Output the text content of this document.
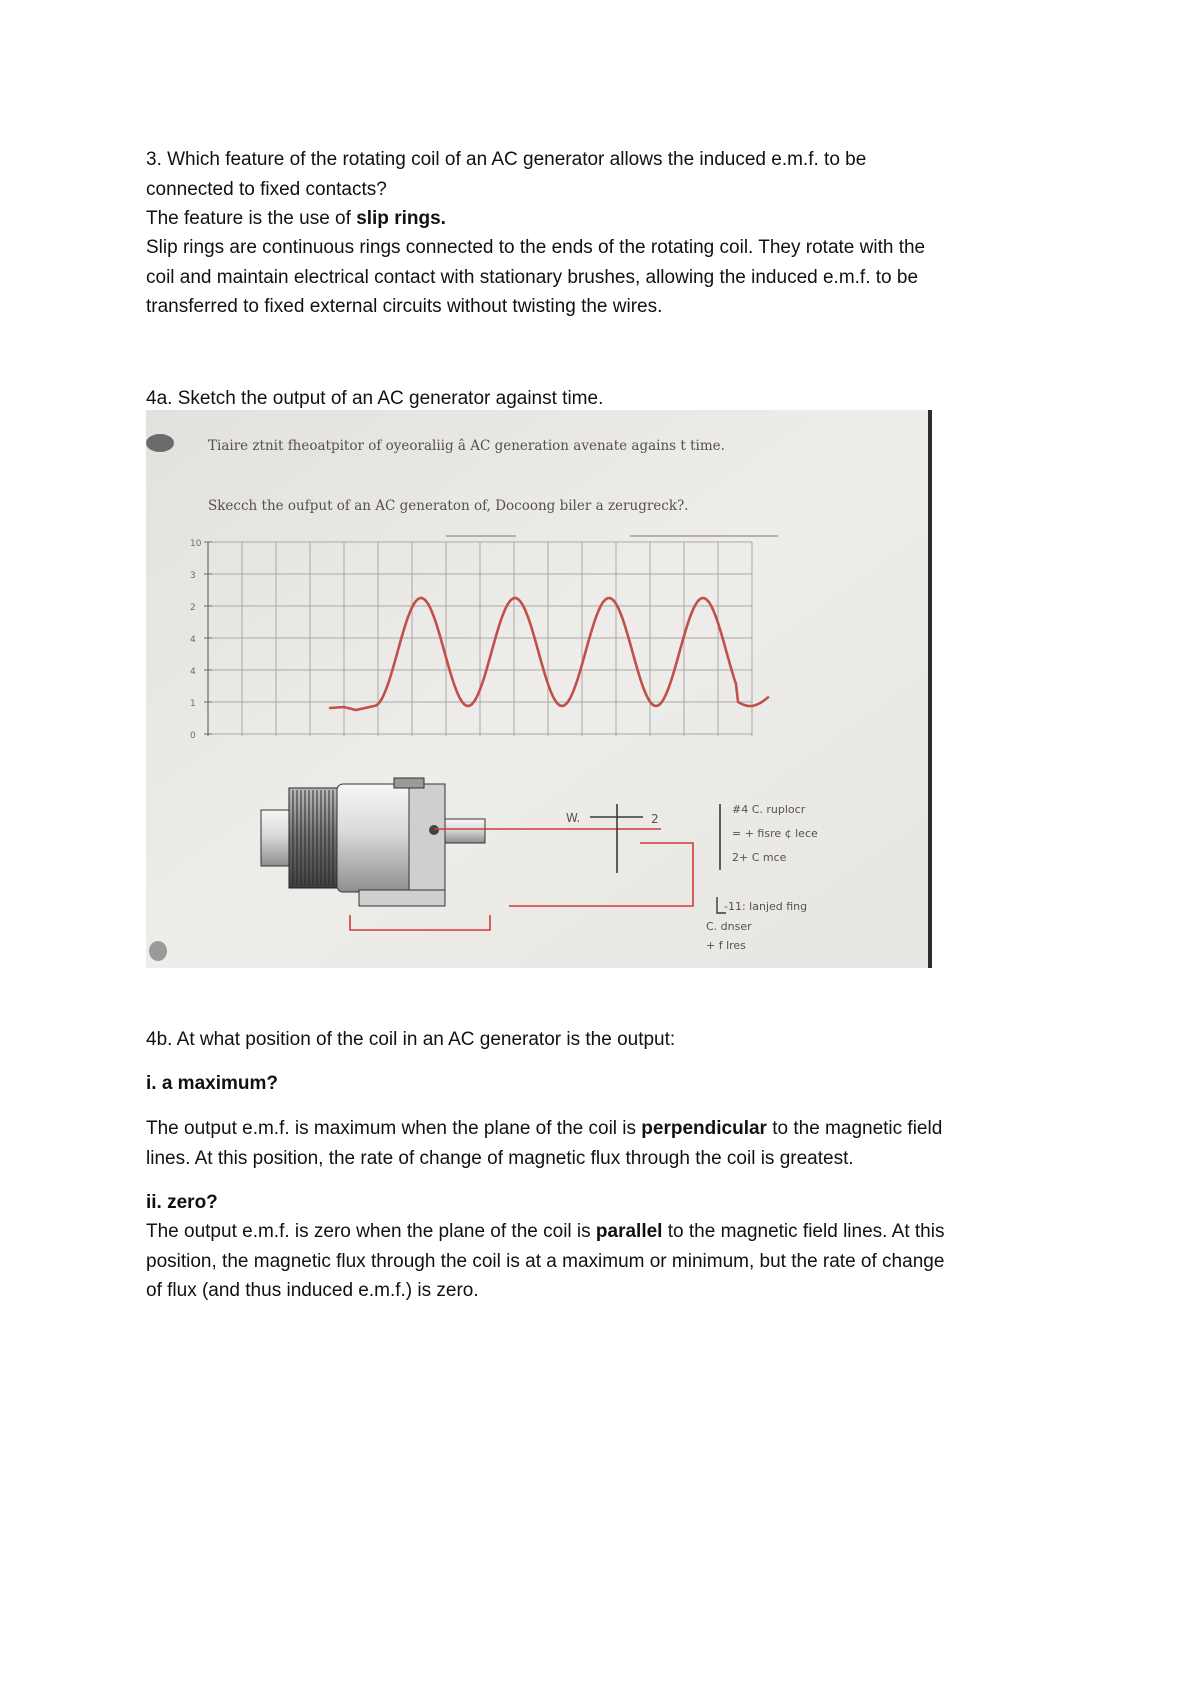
3. Which feature of the rotating coil of an AC generator allows the induced e.m.f. to be

connected to fixed contacts?

The feature is the use of slip rings.

Slip rings are continuous rings connected to the ends of the rotating coil. They rotate with the

coil and maintain electrical contact with stationary brushes, allowing the induced e.m.f. to be

transferred to fixed external circuits without twisting the wires.

4a. Sketch the output of an AC generator against time.

Tiaire ztnit fheoatpitor of oyeoraliig â AC generation avenate agains t time.
Skecch the oufput of an AC generaton of, Docoong biler a zerugreck?.
10
3
2
4
4
1
0
W.	2
#4 C. ruplocr
= + fisre ¢ lece
2+ C mce
-11: lanjed fing
C. dnser
+ f lres

4b. At what position of the coil in an AC generator is the output:

i. a maximum?

The output e.m.f. is maximum when the plane of the coil is perpendicular to the magnetic field

lines. At this position, the rate of change of magnetic flux through the coil is greatest.

ii. zero?

The output e.m.f. is zero when the plane of the coil is parallel to the magnetic field lines. At this

position, the magnetic flux through the coil is at a maximum or minimum, but the rate of change

of flux (and thus induced e.m.f.) is zero.
